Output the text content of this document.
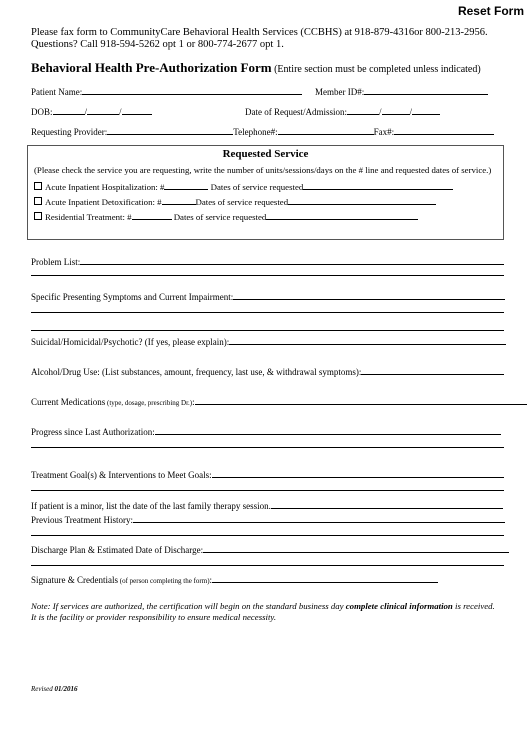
Reset Form
Please fax form to CommunityCare Behavioral Health Services (CCBHS) at 918-879-4316or 800-213-2956.
Questions? Call 918-594-5262 opt 1 or 800-774-2677 opt 1.
Behavioral Health Pre-Authorization Form (Entire section must be completed unless indicated)
Patient Name:	Member ID#:
DOB:	/	/	Date of Request/Admission:	/	/
Requesting Provider:	Telephone#:	Fax#:
Requested Service
(Please check the service you are requesting, write the number of units/sessions/days on the # line and requested dates of service.)
Acute Inpatient Hospitalization: #	Dates of service requested
Acute Inpatient Detoxification: #	Dates of service requested
Residential Treatment: #	Dates of service requested
Problem List:
Specific Presenting Symptoms and Current Impairment:
Suicidal/Homicidal/Psychotic? (If yes, please explain):
Alcohol/Drug Use: (List substances, amount, frequency, last use, & withdrawal symptoms):
Current Medications (type, dosage, prescribing Dr.):
Progress since Last Authorization:
Treatment Goal(s) & Interventions to Meet Goals:
If patient is a minor, list the date of the last family therapy session.
Previous Treatment History:
Discharge Plan & Estimated Date of Discharge:
Signature & Credentials (of person completing the form):
Note: If services are authorized, the certification will begin on the standard business day complete clinical information is received.
It is the facility or provider responsibility to ensure medical necessity.
Revised 01/2016
